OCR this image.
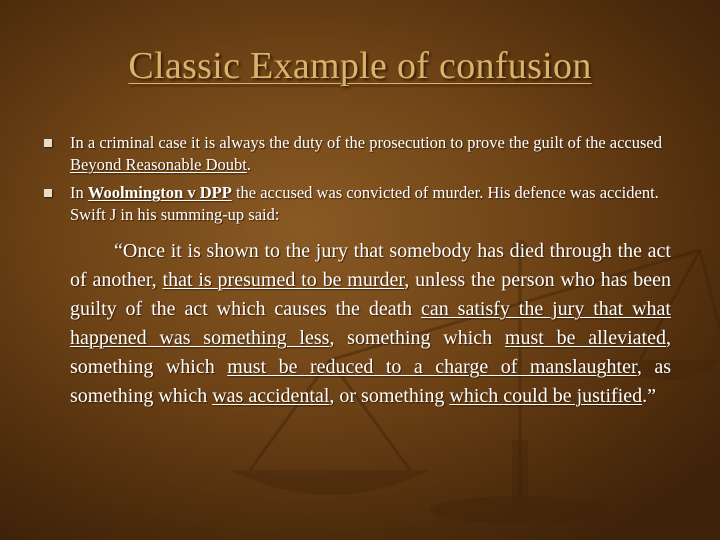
Classic Example of confusion
In a criminal case it is always the duty of the prosecution to prove the guilt of the accused Beyond Reasonable Doubt.
In Woolmington v DPP the accused was convicted of murder. His defence was accident. Swift J in his summing-up said:

“Once it is shown to the jury that somebody has died through the act of another, that is presumed to be murder, unless the person who has been guilty of the act which causes the death can satisfy the jury that what happened was something less, something which must be alleviated, something which must be reduced to a charge of manslaughter, as something which was accidental, or something which could be justified.”
